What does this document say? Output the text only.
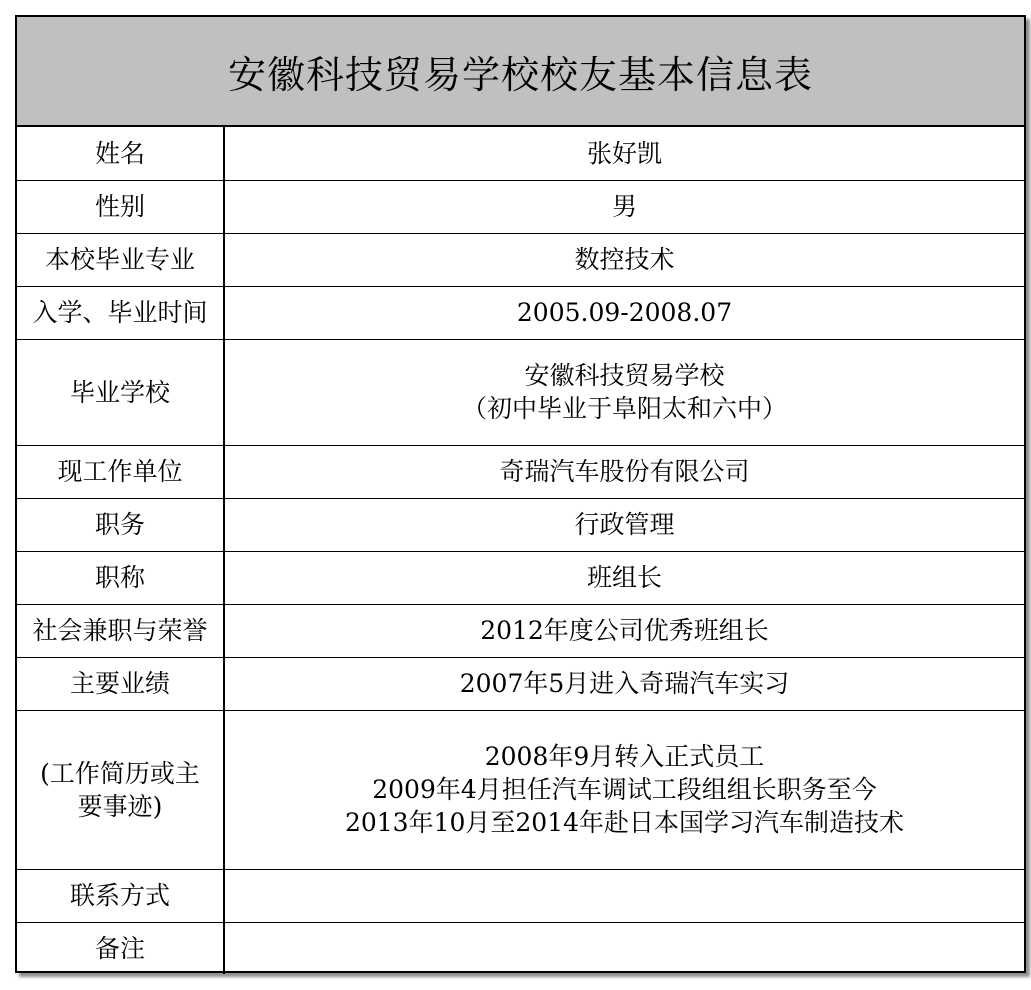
安徽科技贸易学校校友基本信息表
姓名	张好凯

性别	男

本校毕业专业	数控技术

入学、毕业时间	2005.09-2008.07

毕业学校	安徽科技贸易学校
（初中毕业于阜阳太和六中）

现工作单位	奇瑞汽车股份有限公司

职务	行政管理

职称	班组长

社会兼职与荣誉	2012年度公司优秀班组长

主要业绩	2007年5月进入奇瑞汽车实习

(工作简历或主
要事迹)	2008年9月转入正式员工
2009年4月担任汽车调试工段组组长职务至今
2013年10月至2014年赴日本国学习汽车制造技术

联系方式	

备注	
